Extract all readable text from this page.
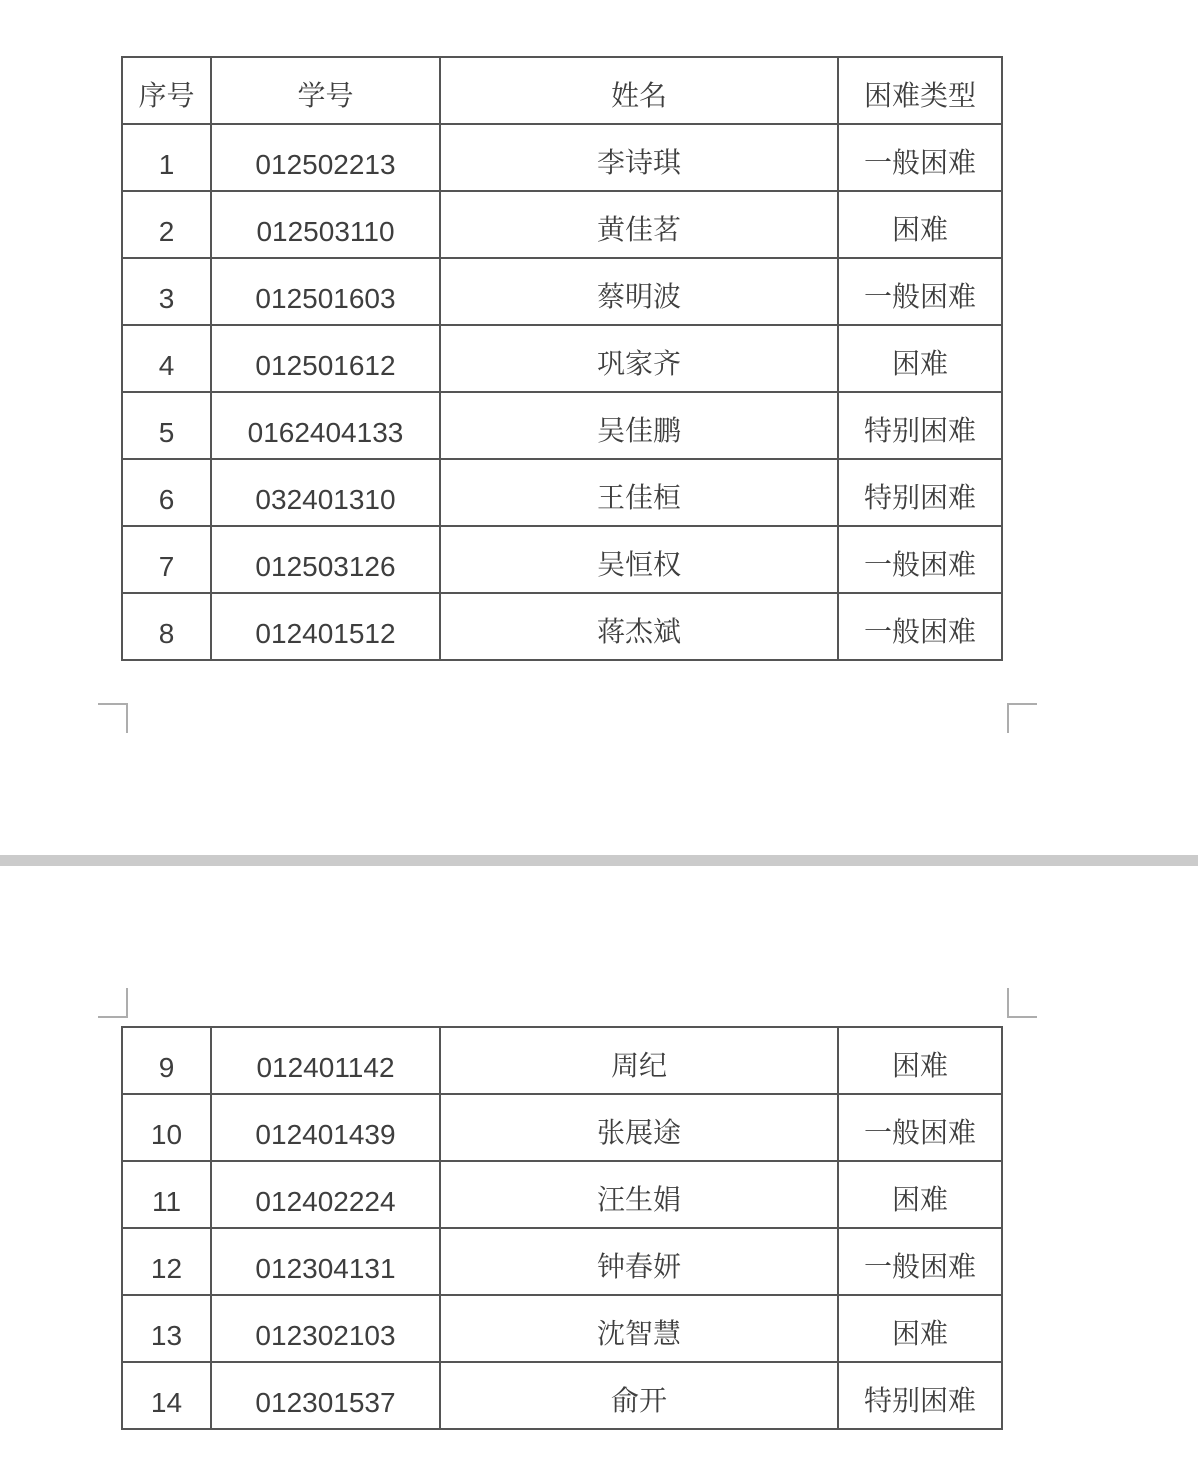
序号	学号	姓名	困难类型
1	012502213	李诗琪	一般困难
2	012503110	黄佳茗	困难
3	012501603	蔡明波	一般困难
4	012501612	巩家齐	困难
5	0162404133	吴佳鹏	特别困难
6	032401310	王佳桓	特别困难
7	012503126	吴恒权	一般困难
8	012401512	蒋杰斌	一般困难
9	012401142	周纪	困难
10	012401439	张展途	一般困难
11	012402224	汪生娟	困难
12	012304131	钟春妍	一般困难
13	012302103	沈智慧	困难
14	012301537	俞开	特别困难
